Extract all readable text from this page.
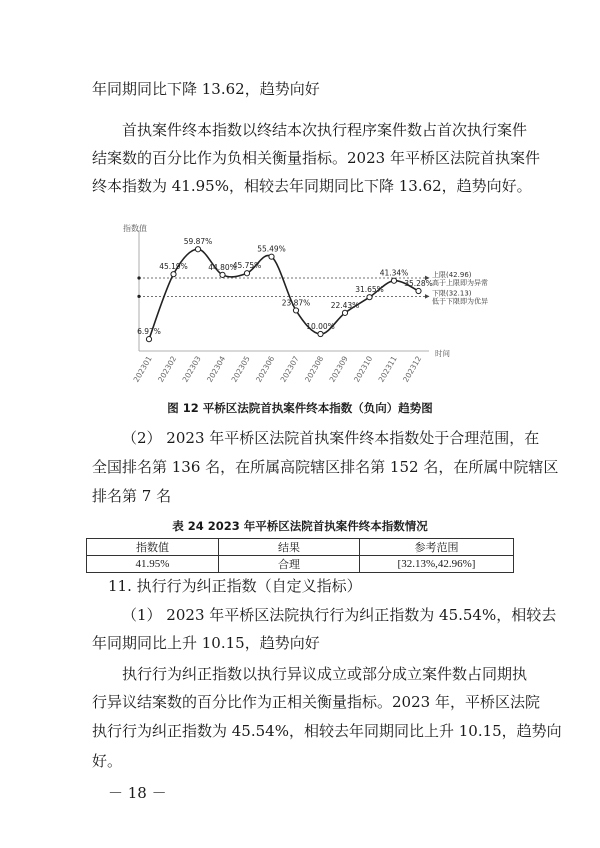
年同期同比下降 13.62，趋势向好
首执案件终本指数以终结本次执行程序案件数占首次执行案件
结案数的百分比作为负相关衡量指标。2023 年平桥区法院首执案件
终本指数为 41.95%，相较去年同期同比下降 13.62，趋势向好。
指数值
上限(42.96)
高于上限即为异常
下限(32.13)
低于下限即为优异
6.97%
202301
45.19%
202302
59.87%
202303
44.80%
202304
45.75%
202305
55.49%
202306
23.87%
202307
10.00%
202308
22.43%
202309
31.65%
202310
41.34%
202311
35.28%
202312
时间
图 12 平桥区法院首执案件终本指数（负向）趋势图
（2） 2023 年平桥区法院首执案件终本指数处于合理范围，在
全国排名第 136 名，在所属高院辖区排名第 152 名，在所属中院辖区
排名第 7 名
表 24 2023 年平桥区法院首执案件终本指数情况
指数值	结果	参考范围
41.95%	合理	[32.13%,42.96%]
11. 执行行为纠正指数（自定义指标）
（1） 2023 年平桥区法院执行行为纠正指数为 45.54%，相较去
年同期同比上升 10.15，趋势向好
执行行为纠正指数以执行异议成立或部分成立案件数占同期执
行异议结案数的百分比作为正相关衡量指标。2023 年，平桥区法院
执行行为纠正指数为 45.54%，相较去年同期同比上升 10.15，趋势向
好。
－ 18 －
